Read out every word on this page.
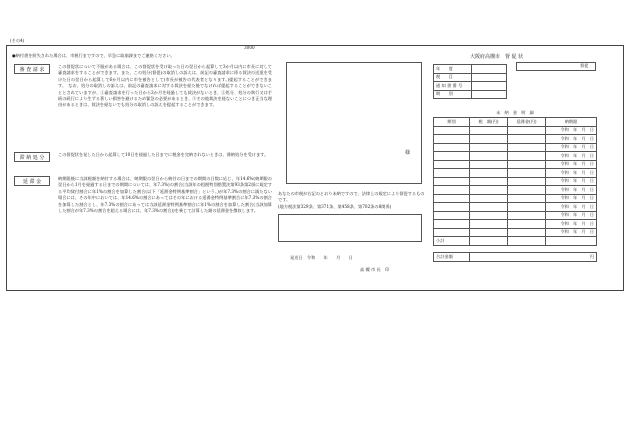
(その4)
3000
●納付書を紛失された場合は、市税行まですので、早急に取崩課までご連絡ください。
審 査 請 求
この督促状について不服がある場合は、この督促状を受け取った日の翌日から起算して3か月以内に市長に対して審査請求をすることができます。また、この処分(督促)の取消しの訴えは、前記の審査請求に係る裁決の送達を受けた日の翌日から起算して6か月以内に市を被告として(市長が被告の代表者となります。)提起することができます。　なお、処分の取消しの訴えは、前記の審査請求に対する裁決を経た後でなければ提起することができないこととされていますが、①審査請求を行った日から3か月を経過しても裁決がないとき、②処分、処分の執行又は手続の続行により生ずる著しい損害を避けるため緊急の必要があるとき、③その他裁決を経ないことにつき正当な理由があるときは、裁決を経ないでも処分の取消しの訴えを提起することができます。
滞 納 処 分
この督促状を発した日から起算して10日を経過した日までに税金を完納されないときは、滞納処分を受けます。
延 滞 金
納期限後に当該税額を納付する場合は、納期限の翌日から納付の日までの期間の日数に応じ、年14.6%(納期限の翌日から1月を経過する日までの期間については、年7.3%)の割合(当該年の租税特別措置法第93条第2項に規定する平均貸付割合に年1%の割合を加算した割合(以下「延滞金特例基準割合」という。)が年7.3%の割合に満たない場合には、その年中においては、年14.6%の割合にあってはその年における延滞金特例基準割合に年7.3%の割合を加算した割合とし、年7.3%の割合にあっては当該延滞金特例基準割合に年1%の割合を加算した割合(当該加算した割合が年7.3%の割合を超える場合には、年7.3%の割合))を乗じて計算した額の延滞金を徴収します。
様
あなたの市税が右記のとおり未納ですので、法律上の規定により督促するものです。
(地方税法第329条、第371条、第458条、第702条の8関係)
発送日　令和　　年　　月　　日
高 槻 市 長　印
大阪府高槻市　督 促 状
督促
年　　度	
税　　目	
通 知 書 番 号	
期　　別	
未　納　金　明　細
期別	税　額(円)	延滞金(円)	納期限
			令和　年　月　日
			令和　年　月　日
			令和　年　月　日
			令和　年　月　日
			令和　年　月　日
			令和　年　月　日
			令和　年　月　日
			令和　年　月　日
			令和　年　月　日
			令和　年　月　日
			令和　年　月　日
			令和　年　月　日
			令和　年　月　日
小計			
合計金額	円
